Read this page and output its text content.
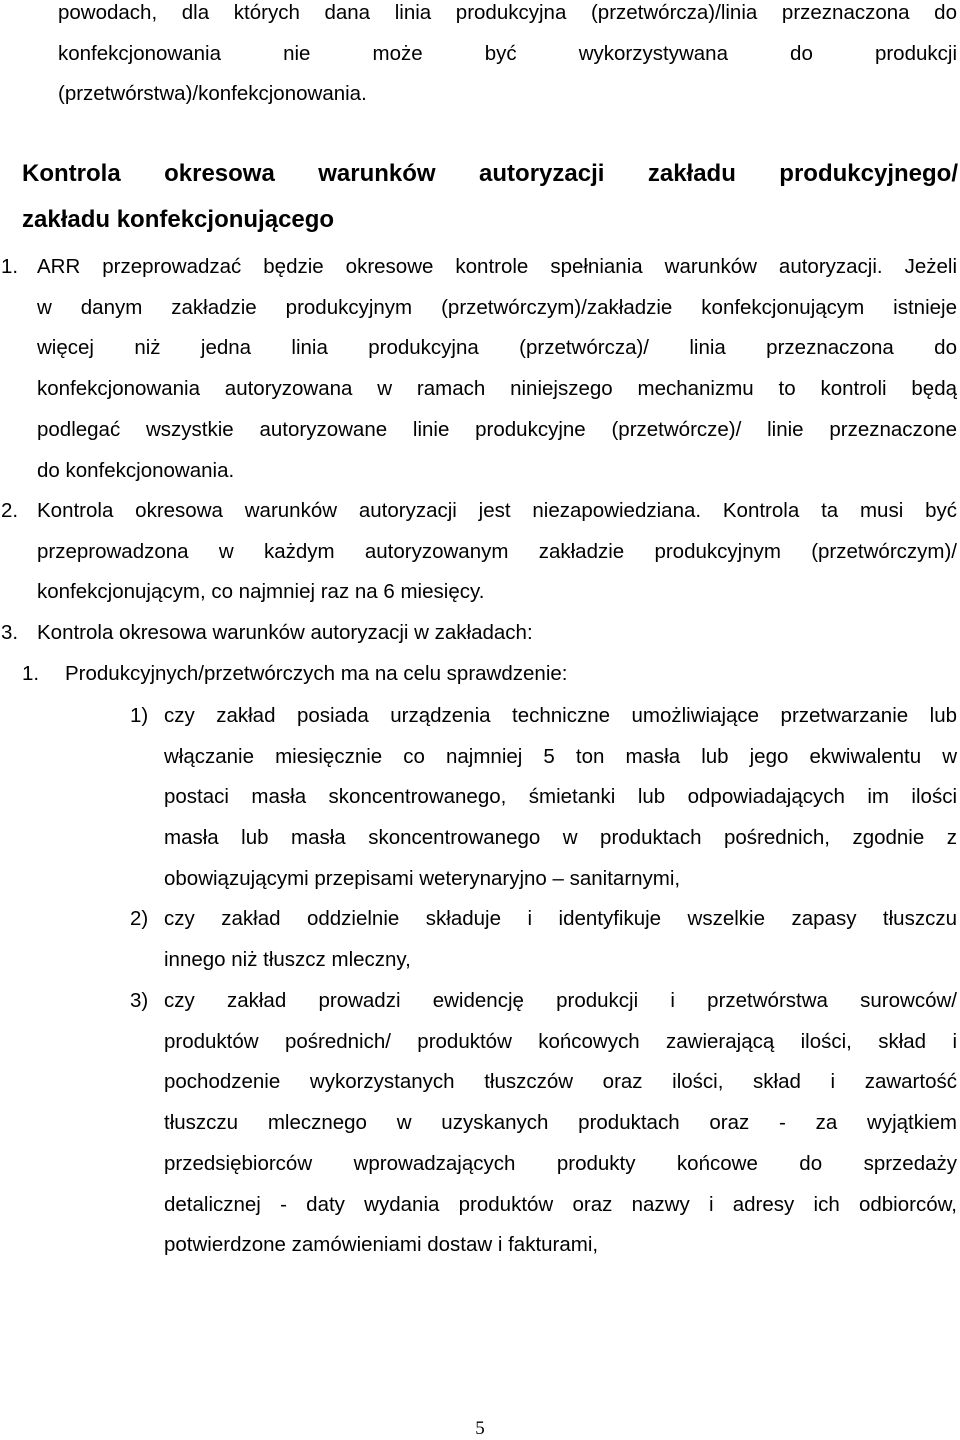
powodach, dla których dana linia produkcyjna (przetwórcza)/linia przeznaczona do
konfekcjonowania nie może być wykorzystywana do produkcji
(przetwórstwa)/konfekcjonowania.
Kontrola okresowa warunków autoryzacji zakładu produkcyjnego/
zakładu konfekcjonującego
1. ARR przeprowadzać będzie okresowe kontrole spełniania warunków autoryzacji. Jeżeli
w danym zakładzie produkcyjnym (przetwórczym)/zakładzie konfekcjonującym istnieje
więcej niż jedna linia produkcyjna (przetwórcza)/ linia przeznaczona do
konfekcjonowania autoryzowana w ramach niniejszego mechanizmu to kontroli będą
podlegać wszystkie autoryzowane linie produkcyjne (przetwórcze)/ linie przeznaczone
do konfekcjonowania.
2. Kontrola okresowa warunków autoryzacji jest niezapowiedziana. Kontrola ta musi być
przeprowadzona w każdym autoryzowanym zakładzie produkcyjnym (przetwórczym)/
konfekcjonującym, co najmniej raz na 6 miesięcy.
3. Kontrola okresowa warunków autoryzacji w zakładach:
1. Produkcyjnych/przetwórczych ma na celu sprawdzenie:
1) czy zakład posiada urządzenia techniczne umożliwiające przetwarzanie lub
włączanie miesięcznie co najmniej 5 ton masła lub jego ekwiwalentu w
postaci masła skoncentrowanego, śmietanki lub odpowiadających im ilości
masła lub masła skoncentrowanego w produktach pośrednich, zgodnie z
obowiązującymi przepisami weterynaryjno – sanitarnymi,
2) czy zakład oddzielnie składuje i identyfikuje wszelkie zapasy tłuszczu
innego niż tłuszcz mleczny,
3) czy zakład prowadzi ewidencję produkcji i przetwórstwa surowców/
produktów pośrednich/ produktów końcowych zawierającą ilości, skład i
pochodzenie wykorzystanych tłuszczów oraz ilości, skład i zawartość
tłuszczu mlecznego w uzyskanych produktach oraz - za wyjątkiem
przedsiębiorców wprowadzających produkty końcowe do sprzedaży
detalicznej - daty wydania produktów oraz nazwy i adresy ich odbiorców,
potwierdzone zamówieniami dostaw i fakturami,
5
